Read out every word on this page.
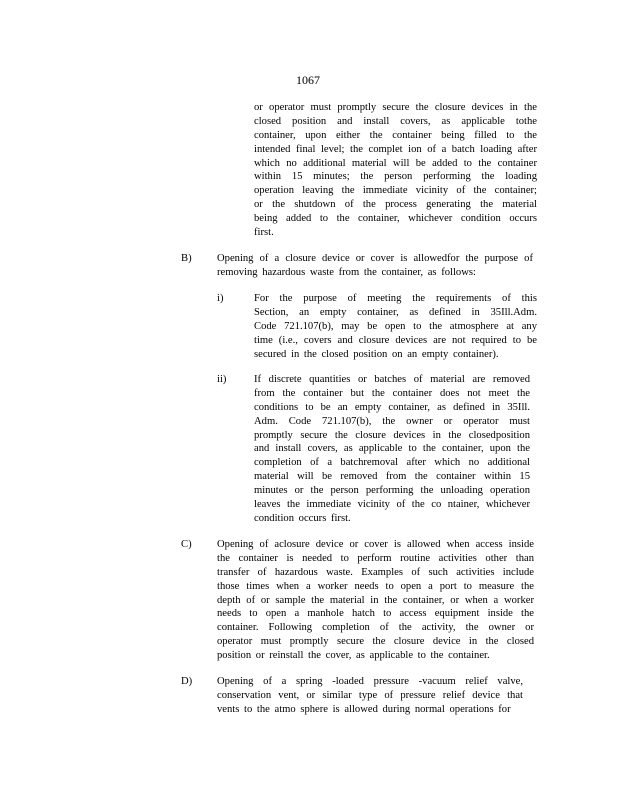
1067
or operator must promptly secure the closure devices in the
closed position and install covers, as applicable tothe
container, upon either the container being filled to the
intended final level; the complet ion of a batch loading after
which no additional material will be added to the container
within 15 minutes; the person performing the loading
operation leaving the immediate vicinity of the container;
or the shutdown of the process generating the material
being added to the container, whichever condition occurs
first.
B) Opening of a closure device or cover is allowedfor the purpose of
removing hazardous waste from the container, as follows:
i)	For the purpose of meeting the requirements of this
Section, an empty container, as defined in 35Ill.Adm.
Code 721.107(b), may be open to the atmosphere at any
time (i.e., covers and closure devices are not required to be
secured in the closed position on an empty container).
ii)	If discrete quantities or batches of material are removed
from the container but the container does not meet the
conditions to be an empty container, as defined in 35Ill.
Adm. Code 721.107(b), the owner or operator must
promptly secure the closure devices in the closedposition
and install covers, as applicable to the container, upon the
completion of a batchremoval after which no additional
material will be removed from the container within 15
minutes or the person performing the unloading operation
leaves the immediate vicinity of the co ntainer, whichever
condition occurs first.
C) Opening of aclosure device or cover is allowed when access inside
the container is needed to perform routine activities other than
transfer of hazardous waste. Examples of such activities include
those times when a worker needs to open a port to measure the
depth of or sample the material in the container, or when a worker
needs to open a manhole hatch to access equipment inside the
container. Following completion of the activity, the owner or
operator must promptly secure the closure device in the closed
position or reinstall the cover, as applicable to the container.
D) Opening of a spring -loaded pressure -vacuum relief valve,
conservation vent, or similar type of pressure relief device that
vents to the atmo sphere is allowed during normal operations for
